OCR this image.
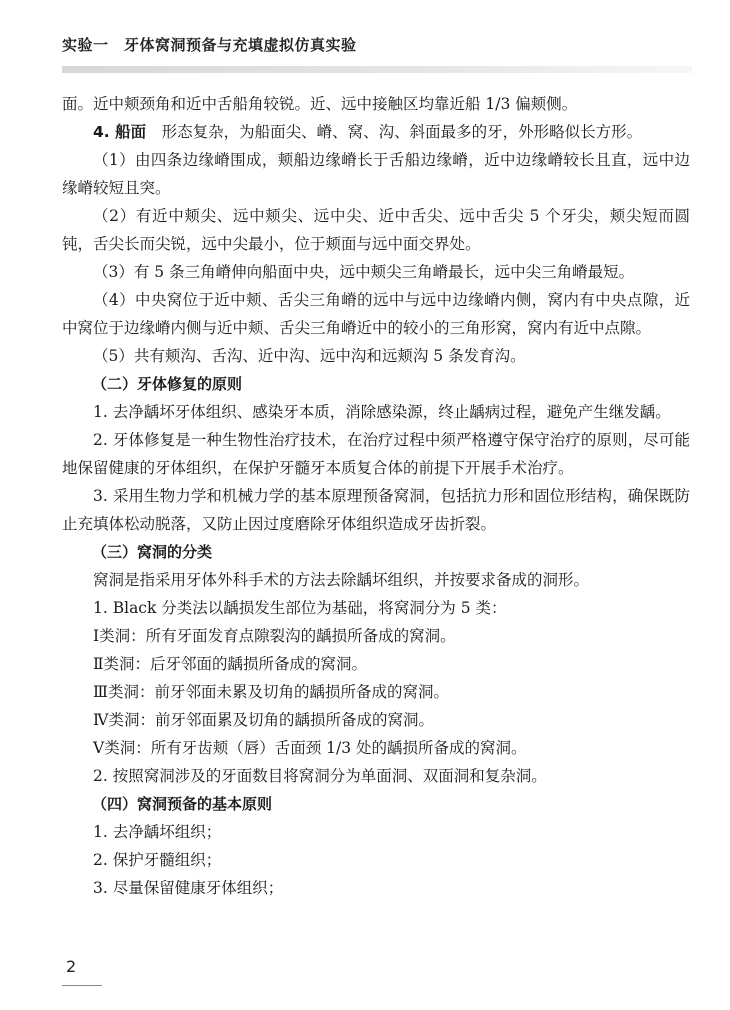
实验一　牙体窝洞预备与充填虚拟仿真实验

面。近中颊颈角和近中舌船角较锐。近、远中接触区均靠近船 1/3 偏颊侧。

4. 船面　形态复杂，为船面尖、嵴、窝、沟、斜面最多的牙，外形略似长方形。

（1）由四条边缘嵴围成，颊船边缘嵴长于舌船边缘嵴，近中边缘嵴较长且直，远中边缘嵴较短且突。

（2）有近中颊尖、远中颊尖、远中尖、近中舌尖、远中舌尖 5 个牙尖，颊尖短而圆钝，舌尖长而尖锐，远中尖最小，位于颊面与远中面交界处。

（3）有 5 条三角嵴伸向船面中央，远中颊尖三角嵴最长，远中尖三角嵴最短。

（4）中央窝位于近中颊、舌尖三角嵴的远中与远中边缘嵴内侧，窝内有中央点隙，近中窝位于边缘嵴内侧与近中颊、舌尖三角嵴近中的较小的三角形窝，窝内有近中点隙。

（5）共有颊沟、舌沟、近中沟、远中沟和远颊沟 5 条发育沟。

（二）牙体修复的原则

1. 去净龋坏牙体组织、感染牙本质，消除感染源，终止龋病过程，避免产生继发龋。

2. 牙体修复是一种生物性治疗技术，在治疗过程中须严格遵守保守治疗的原则，尽可能地保留健康的牙体组织，在保护牙髓牙本质复合体的前提下开展手术治疗。

3. 采用生物力学和机械力学的基本原理预备窝洞，包括抗力形和固位形结构，确保既防止充填体松动脱落，又防止因过度磨除牙体组织造成牙齿折裂。

（三）窝洞的分类

窝洞是指采用牙体外科手术的方法去除龋坏组织，并按要求备成的洞形。

1. Black 分类法以龋损发生部位为基础，将窝洞分为 5 类：

Ⅰ类洞：所有牙面发育点隙裂沟的龋损所备成的窝洞。

Ⅱ类洞：后牙邻面的龋损所备成的窝洞。

Ⅲ类洞：前牙邻面未累及切角的龋损所备成的窝洞。

Ⅳ类洞：前牙邻面累及切角的龋损所备成的窝洞。

Ⅴ类洞：所有牙齿颊（唇）舌面颈 1/3 处的龋损所备成的窝洞。

2. 按照窝洞涉及的牙面数目将窝洞分为单面洞、双面洞和复杂洞。

（四）窝洞预备的基本原则

1. 去净龋坏组织；

2. 保护牙髓组织；

3. 尽量保留健康牙体组织；

2
